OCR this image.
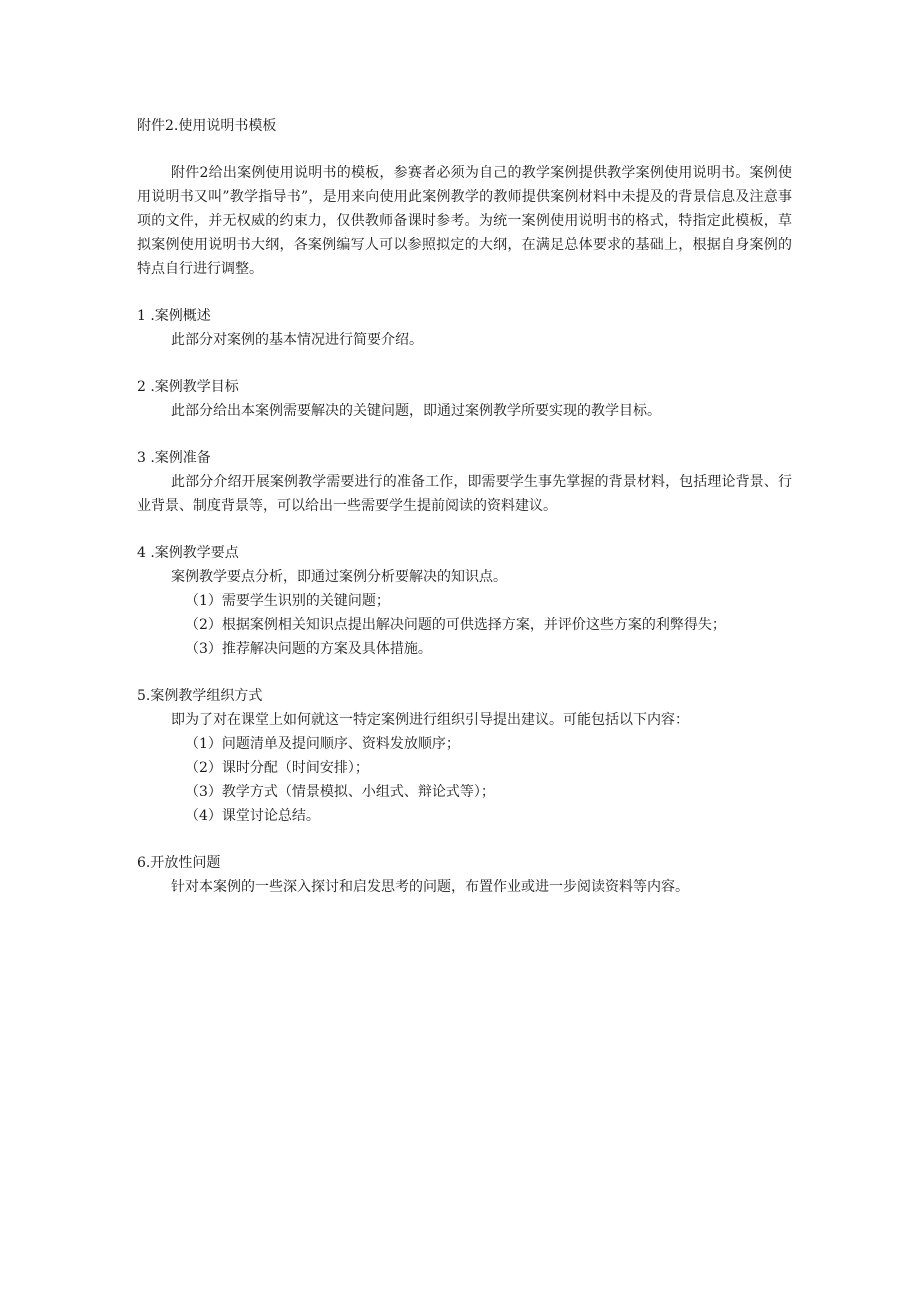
附件2.使用说明书模板

附件2给出案例使用说明书的模板，参赛者必须为自己的教学案例提供教学案例使用说明书。案例使用说明书又叫”教学指导书”，是用来向使用此案例教学的教师提供案例材料中未提及的背景信息及注意事项的文件，并无权威的约束力，仅供教师备课时参考。为统一案例使用说明书的格式，特指定此模板，草拟案例使用说明书大纲，各案例编写人可以参照拟定的大纲，在满足总体要求的基础上，根据自身案例的特点自行进行调整。

1 .案例概述

此部分对案例的基本情况进行简要介绍。

2 .案例教学目标

此部分给出本案例需要解决的关键问题，即通过案例教学所要实现的教学目标。

3 .案例准备

此部分介绍开展案例教学需要进行的准备工作，即需要学生事先掌握的背景材料，包括理论背景、行业背景、制度背景等，可以给出一些需要学生提前阅读的资料建议。

4 .案例教学要点

案例教学要点分析，即通过案例分析要解决的知识点。

（1）需要学生识别的关键问题；

（2）根据案例相关知识点提出解决问题的可供选择方案，并评价这些方案的利弊得失；

（3）推荐解决问题的方案及具体措施。

5.案例教学组织方式

即为了对在课堂上如何就这一特定案例进行组织引导提出建议。可能包括以下内容：

（1）问题清单及提问顺序、资料发放顺序；

（2）课时分配（时间安排）；

（3）教学方式（情景模拟、小组式、辩论式等）；

（4）课堂讨论总结。

6.开放性问题

针对本案例的一些深入探讨和启发思考的问题，布置作业或进一步阅读资料等内容。
